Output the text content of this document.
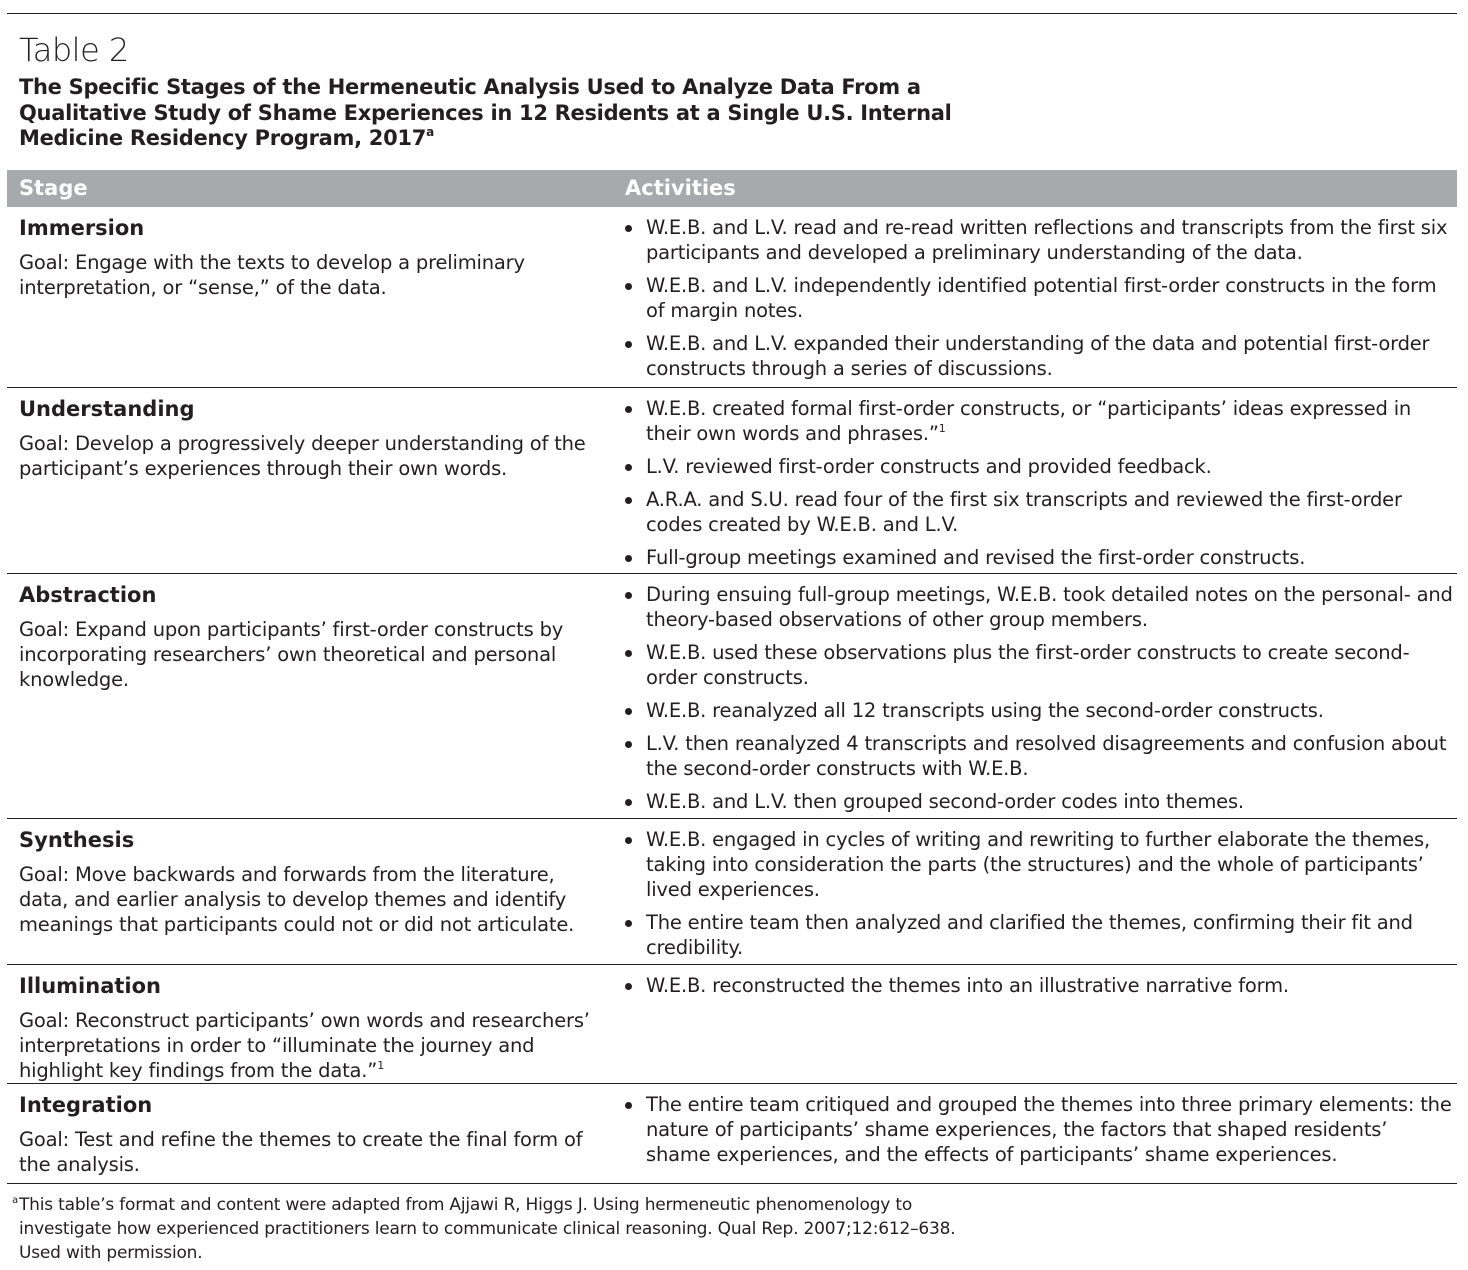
Table 2
The Specific Stages of the Hermeneutic Analysis Used to Analyze Data From a Qualitative Study of Shame Experiences in 12 Residents at a Single U.S. Internal Medicine Residency Program, 2017$^a$
Stage	Activities
Immersion
Goal: Engage with the texts to develop a preliminary interpretation, or “sense,” of the data.
W.E.B. and L.V. read and re-read written reflections and transcripts from the first six participants and developed a preliminary understanding of the data.
W.E.B. and L.V. independently identified potential first-order constructs in the form of margin notes.
W.E.B. and L.V. expanded their understanding of the data and potential first-order constructs through a series of discussions.
Understanding
Goal: Develop a progressively deeper understanding of the participant’s experiences through their own words.
W.E.B. created formal first-order constructs, or “participants’ ideas expressed in their own words and phrases.”$^1$
L.V. reviewed first-order constructs and provided feedback.
A.R.A. and S.U. read four of the first six transcripts and reviewed the first-order codes created by W.E.B. and L.V.
Full-group meetings examined and revised the first-order constructs.
Abstraction
Goal: Expand upon participants’ first-order constructs by incorporating researchers’ own theoretical and personal knowledge.
During ensuing full-group meetings, W.E.B. took detailed notes on the personal- and theory-based observations of other group members.
W.E.B. used these observations plus the first-order constructs to create second-order constructs.
W.E.B. reanalyzed all 12 transcripts using the second-order constructs.
L.V. then reanalyzed 4 transcripts and resolved disagreements and confusion about the second-order constructs with W.E.B.
W.E.B. and L.V. then grouped second-order codes into themes.
Synthesis
Goal: Move backwards and forwards from the literature, data, and earlier analysis to develop themes and identify meanings that participants could not or did not articulate.
W.E.B. engaged in cycles of writing and rewriting to further elaborate the themes, taking into consideration the parts (the structures) and the whole of participants’ lived experiences.
The entire team then analyzed and clarified the themes, confirming their fit and credibility.
Illumination
Goal: Reconstruct participants’ own words and researchers’ interpretations in order to “illuminate the journey and highlight key findings from the data.”$^1$
W.E.B. reconstructed the themes into an illustrative narrative form.
Integration
Goal: Test and refine the themes to create the final form of the analysis.
The entire team critiqued and grouped the themes into three primary elements: the nature of participants’ shame experiences, the factors that shaped residents’ shame experiences, and the effects of participants’ shame experiences.
a This table’s format and content were adapted from Ajjawi R, Higgs J. Using hermeneutic phenomenology to investigate how experienced practitioners learn to communicate clinical reasoning. Qual Rep. 2007;12:612–638. Used with permission.
